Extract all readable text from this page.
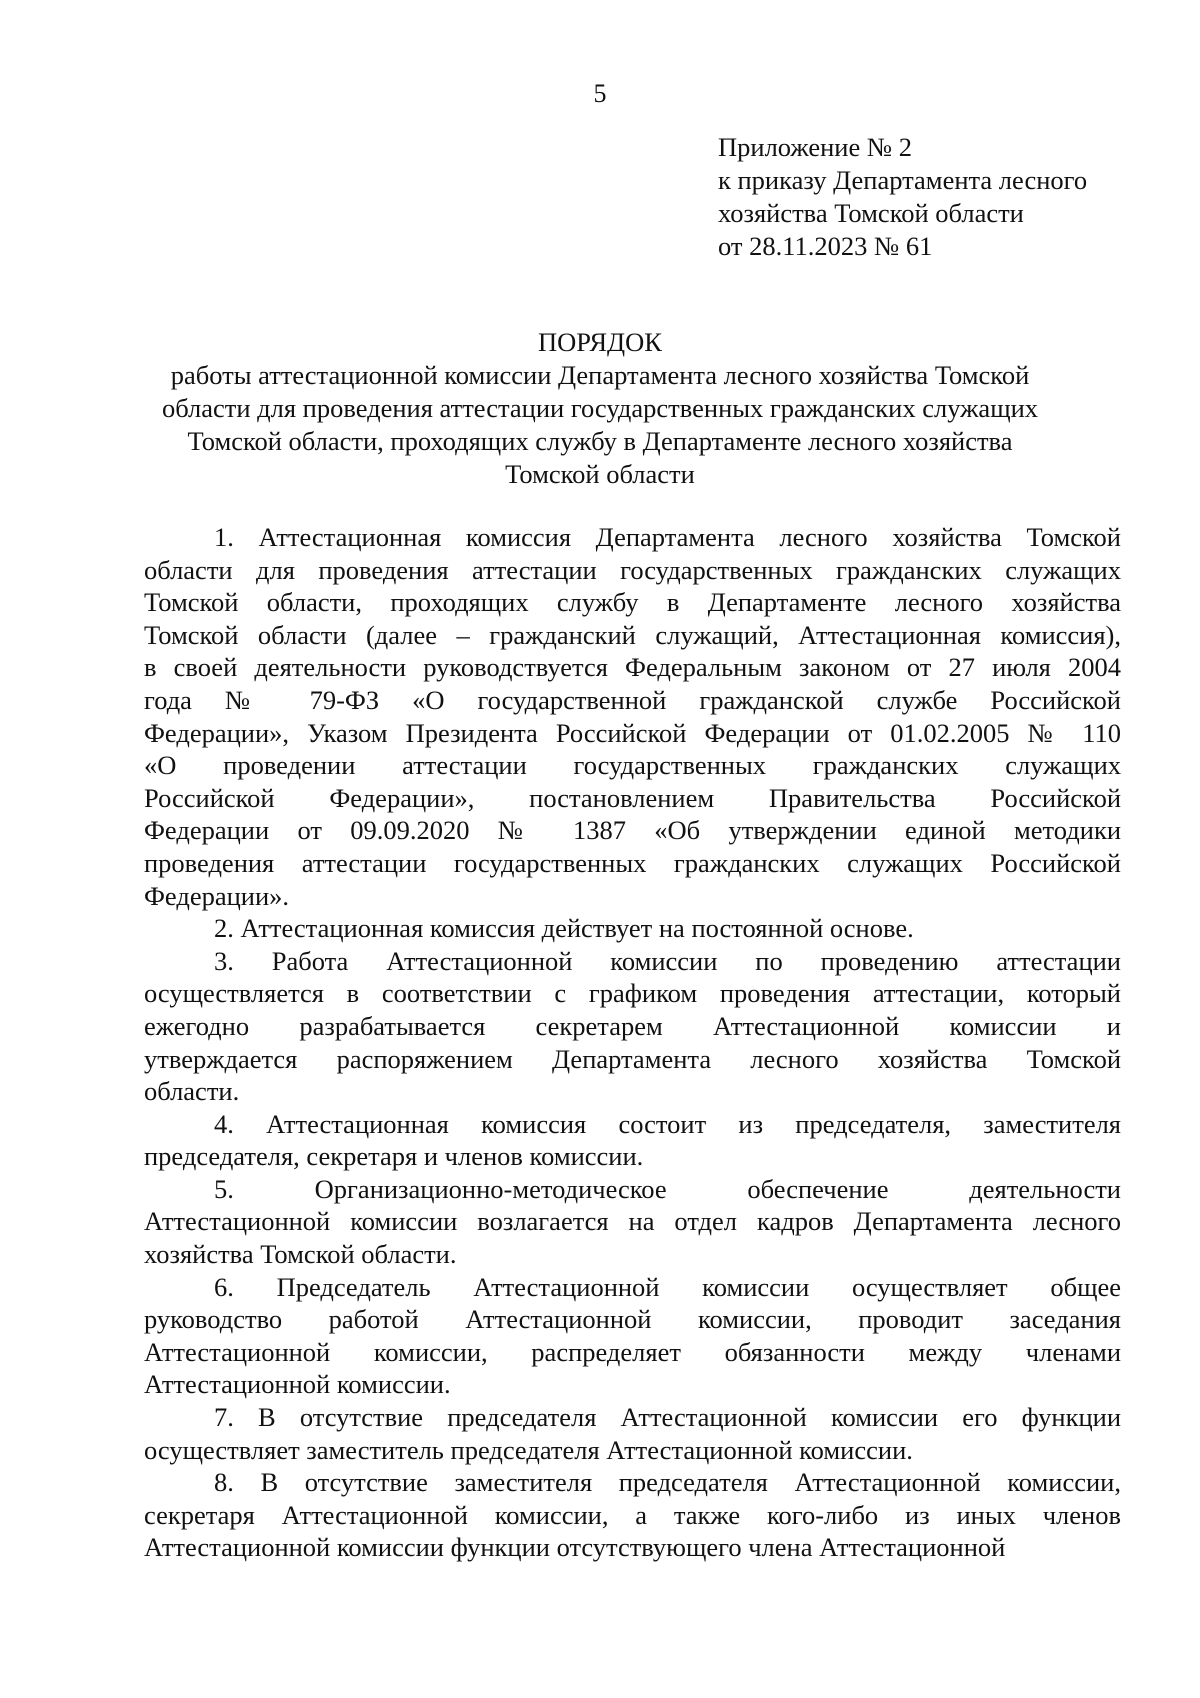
5
Приложение № 2
к приказу Департамента лесного
хозяйства Томской области
от 28.11.2023 № 61
ПОРЯДОК
работы аттестационной комиссии Департамента лесного хозяйства Томской
области для проведения аттестации государственных гражданских служащих
Томской области, проходящих службу в Департаменте лесного хозяйства
Томской области
1. Аттестационная комиссия Департамента лесного хозяйства Томской
области для проведения аттестации государственных гражданских служащих
Томской области, проходящих службу в Департаменте лесного хозяйства
Томской области (далее – гражданский служащий, Аттестационная комиссия),
в своей деятельности руководствуется Федеральным законом от 27 июля 2004
года № 79-ФЗ «О государственной гражданской службе Российской
Федерации», Указом Президента Российской Федерации от 01.02.2005 № 110
«О проведении аттестации государственных гражданских служащих
Российской Федерации», постановлением Правительства Российской
Федерации от 09.09.2020 № 1387 «Об утверждении единой методики
проведения аттестации государственных гражданских служащих Российской
Федерации».
2. Аттестационная комиссия действует на постоянной основе.
3. Работа Аттестационной комиссии по проведению аттестации
осуществляется в соответствии с графиком проведения аттестации, который
ежегодно разрабатывается секретарем Аттестационной комиссии и
утверждается распоряжением Департамента лесного хозяйства Томской
области.
4. Аттестационная комиссия состоит из председателя, заместителя
председателя, секретаря и членов комиссии.
5. Организационно-методическое обеспечение деятельности
Аттестационной комиссии возлагается на отдел кадров Департамента лесного
хозяйства Томской области.
6. Председатель Аттестационной комиссии осуществляет общее
руководство работой Аттестационной комиссии, проводит заседания
Аттестационной комиссии, распределяет обязанности между членами
Аттестационной комиссии.
7. В отсутствие председателя Аттестационной комиссии его функции
осуществляет заместитель председателя Аттестационной комиссии.
8. В отсутствие заместителя председателя Аттестационной комиссии,
секретаря Аттестационной комиссии, а также кого-либо из иных членов
Аттестационной комиссии функции отсутствующего члена Аттестационной
